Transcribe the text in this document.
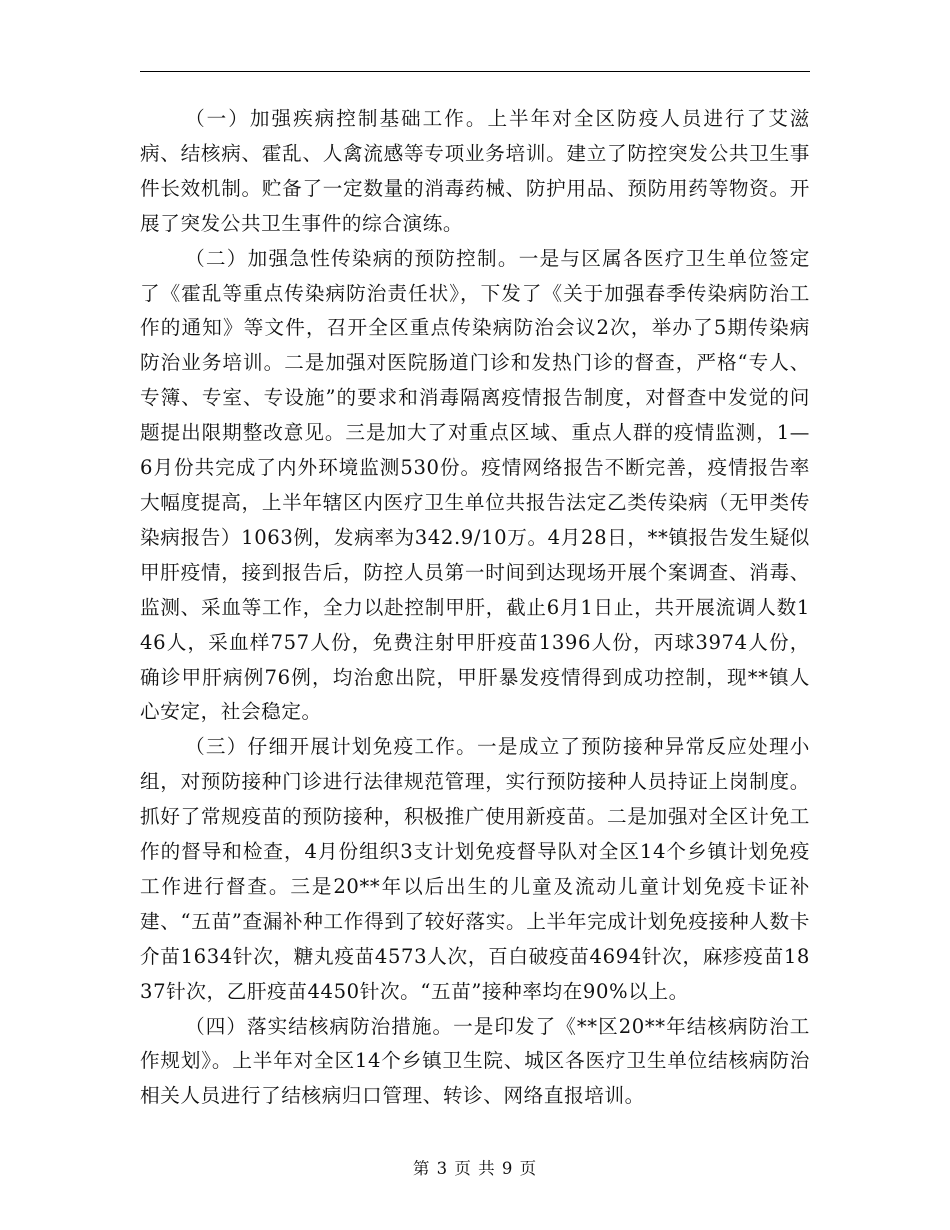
（一）加强疾病控制基础工作。上半年对全区防疫人员进行了艾滋病、结核病、霍乱、人禽流感等专项业务培训。建立了防控突发公共卫生事件长效机制。贮备了一定数量的消毒药械、防护用品、预防用药等物资。开展了突发公共卫生事件的综合演练。

（二）加强急性传染病的预防控制。一是与区属各医疗卫生单位签定了《霍乱等重点传染病防治责任状》，下发了《关于加强春季传染病防治工作的通知》等文件，召开全区重点传染病防治会议2次，举办了5期传染病防治业务培训。二是加强对医院肠道门诊和发热门诊的督查，严格“专人、专簿、专室、专设施”的要求和消毒隔离疫情报告制度，对督查中发觉的问题提出限期整改意见。三是加大了对重点区域、重点人群的疫情监测，1—6月份共完成了内外环境监测530份。疫情网络报告不断完善，疫情报告率大幅度提高，上半年辖区内医疗卫生单位共报告法定乙类传染病（无甲类传染病报告）1063例，发病率为342.9/10万。4月28日，**镇报告发生疑似甲肝疫情，接到报告后，防控人员第一时间到达现场开展个案调查、消毒、监测、采血等工作，全力以赴控制甲肝，截止6月1日止，共开展流调人数146人，采血样757人份，免费注射甲肝疫苗1396人份，丙球3974人份，确诊甲肝病例76例，均治愈出院，甲肝暴发疫情得到成功控制，现**镇人心安定，社会稳定。

（三）仔细开展计划免疫工作。一是成立了预防接种异常反应处理小组，对预防接种门诊进行法律规范管理，实行预防接种人员持证上岗制度。抓好了常规疫苗的预防接种，积极推广使用新疫苗。二是加强对全区计免工作的督导和检查，4月份组织3支计划免疫督导队对全区14个乡镇计划免疫工作进行督查。三是20**年以后出生的儿童及流动儿童计划免疫卡证补建、“五苗”查漏补种工作得到了较好落实。上半年完成计划免疫接种人数卡介苗1634针次，糖丸疫苗4573人次，百白破疫苗4694针次，麻疹疫苗1837针次，乙肝疫苗4450针次。“五苗”接种率均在90%以上。

（四）落实结核病防治措施。一是印发了《**区20**年结核病防治工作规划》。上半年对全区14个乡镇卫生院、城区各医疗卫生单位结核病防治相关人员进行了结核病归口管理、转诊、网络直报培训。

第 3 页 共 9 页
